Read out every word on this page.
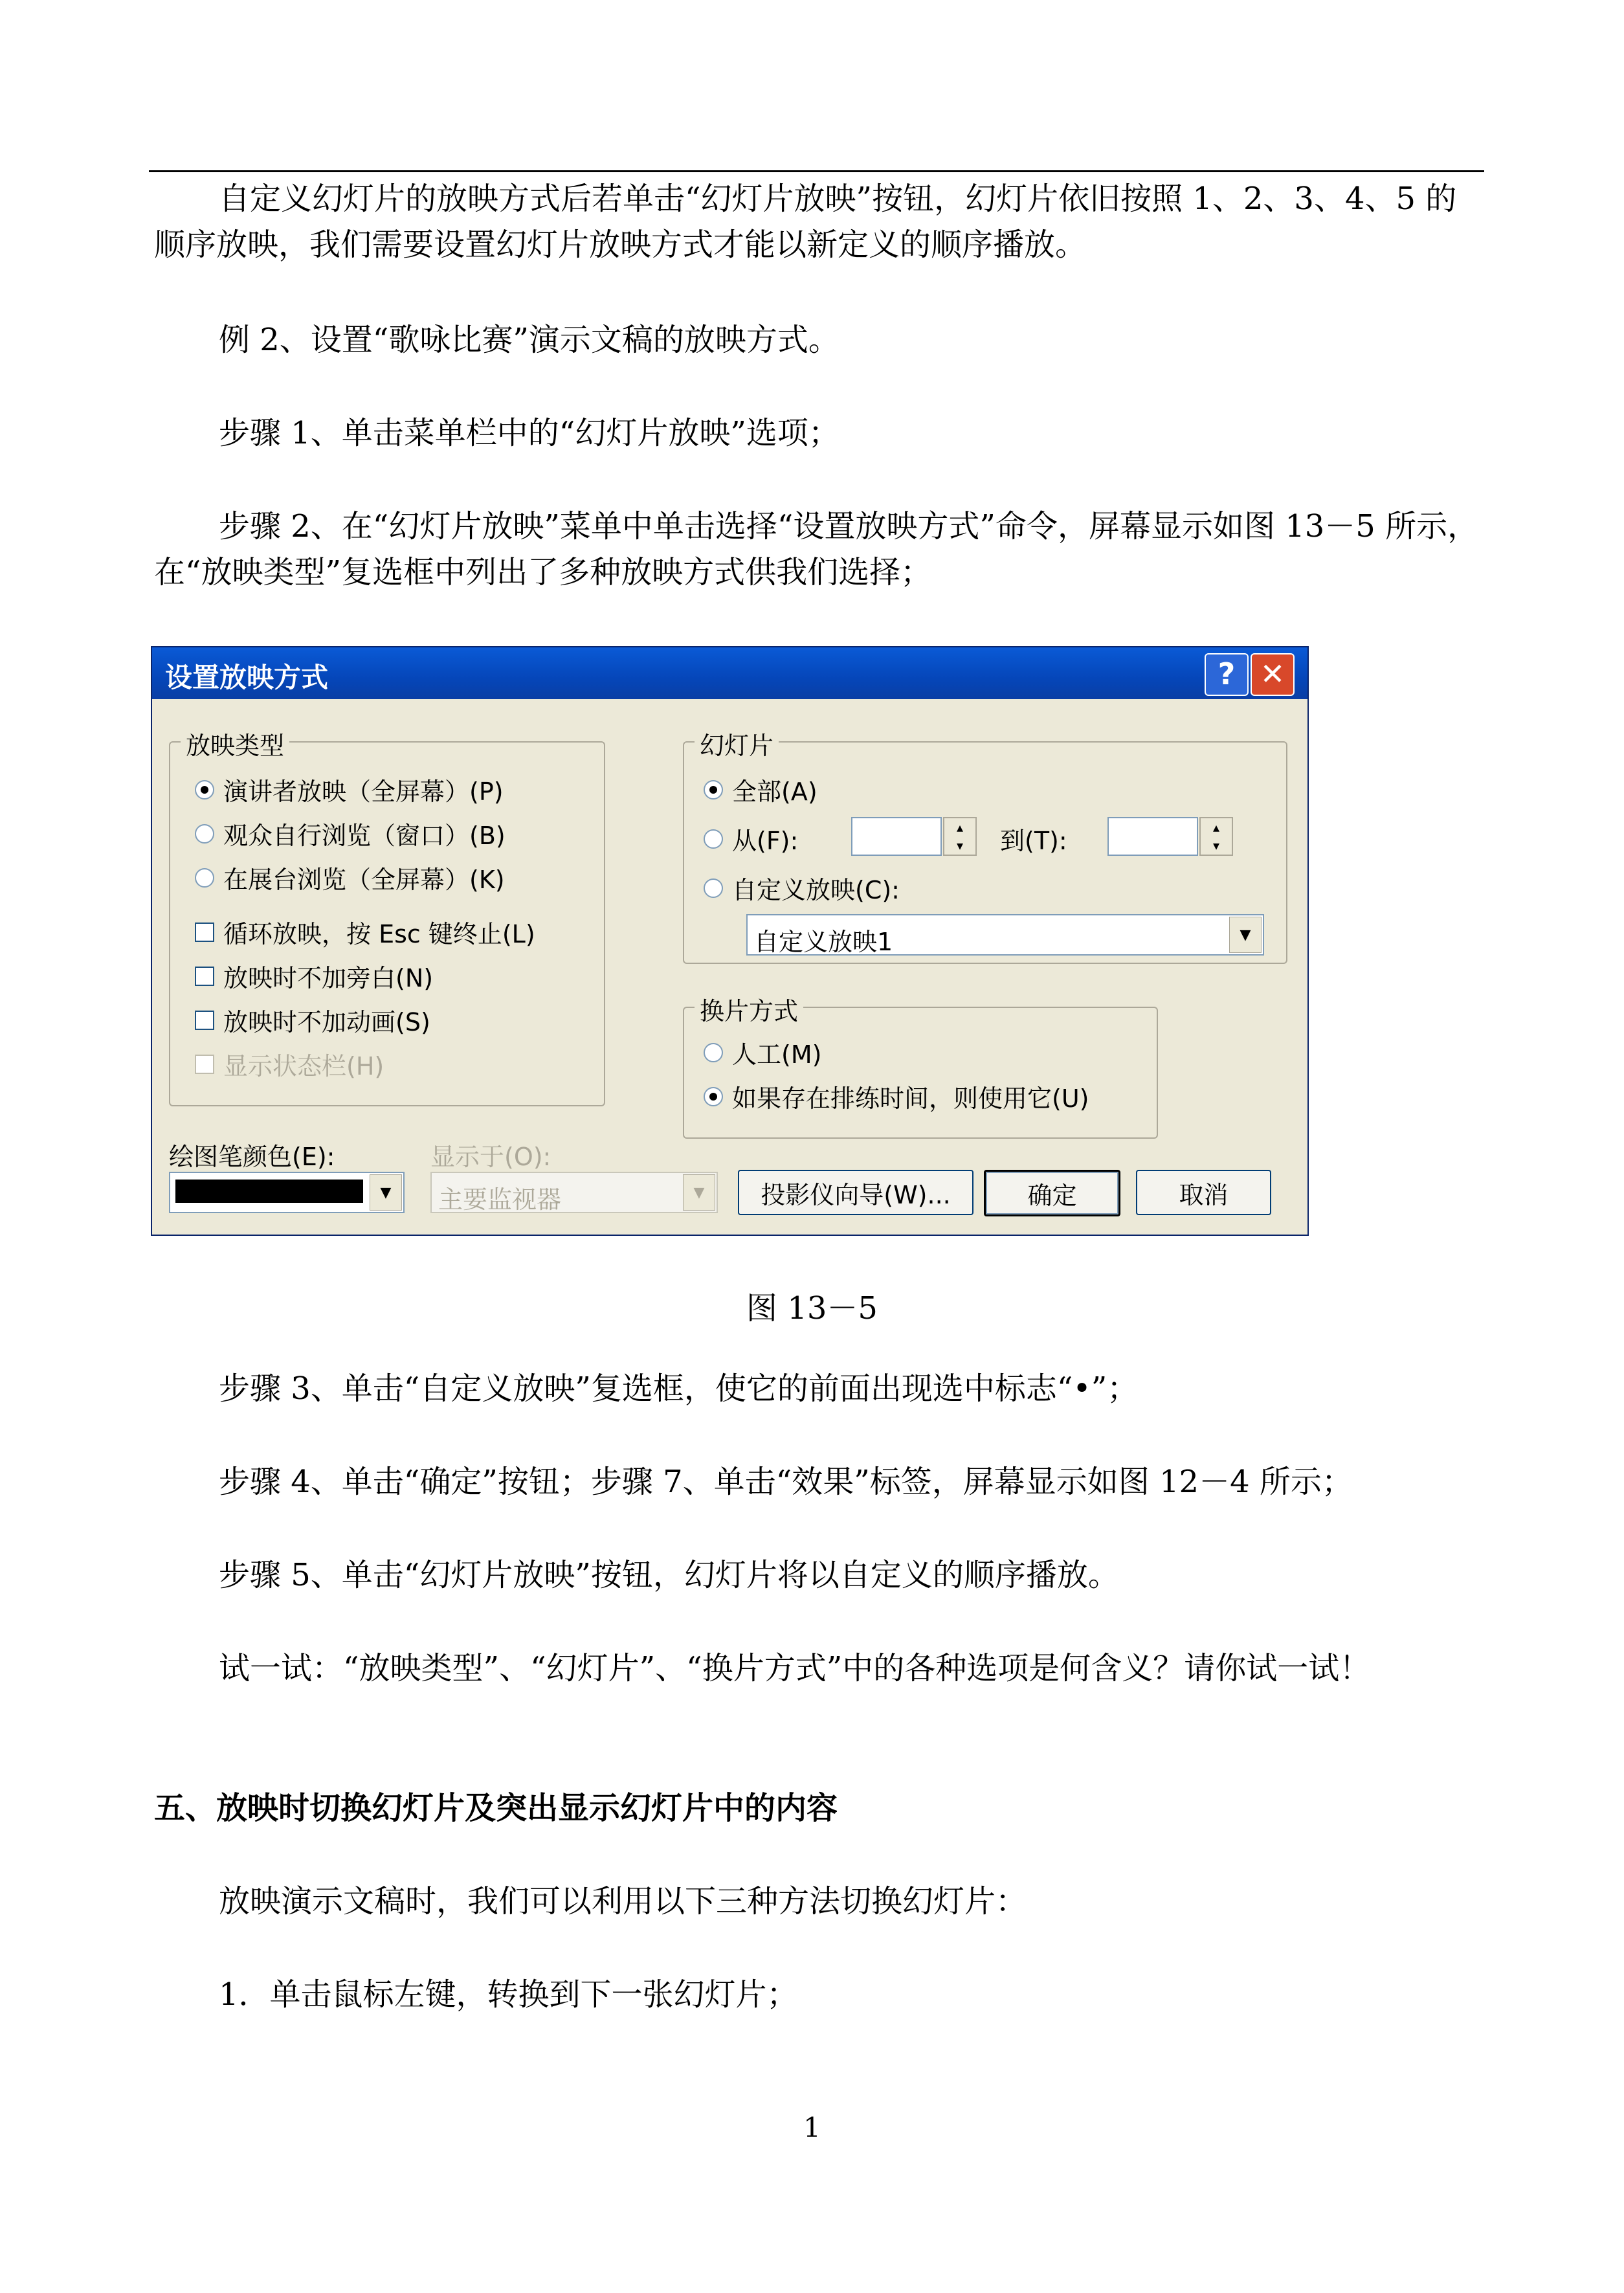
自定义幻灯片的放映方式后若单击“幻灯片放映”按钮，幻灯片依旧按照 1、2、3、4、5 的顺序放映，我们需要设置幻灯片放映方式才能以新定义的顺序播放。

例 2、设置“歌咏比赛”演示文稿的放映方式。

步骤 1、单击菜单栏中的“幻灯片放映”选项；

步骤 2、在“幻灯片放映”菜单中单击选择“设置放映方式”命令，屏幕显示如图 13－5 所示，在“放映类型”复选框中列出了多种放映方式供我们选择；

设置放映方式	? ✕
放映类型
演讲者放映（全屏幕）(P)
观众自行浏览（窗口）(B)
在展台浏览（全屏幕）(K)
循环放映，按 Esc 键终止(L)
放映时不加旁白(N)
放映时不加动画(S)
显示状态栏(H)
幻灯片
全部(A)
从(F):	▴
▾	到(T):	▴
▾
自定义放映(C):
自定义放映1	▼
换片方式
人工(M)
如果存在排练时间，则使用它(U)
绘图笔颜色(E):
▼
显示于(O):
主要监视器	▼	投影仪向导(W)...	确定	取消
图 13－5

步骤 3、单击“自定义放映”复选框，使它的前面出现选中标志“•”；

步骤 4、单击“确定”按钮；步骤 7、单击“效果”标签，屏幕显示如图 12－4 所示；

步骤 5、单击“幻灯片放映”按钮，幻灯片将以自定义的顺序播放。

试一试：“放映类型”、“幻灯片”、“换片方式”中的各种选项是何含义？请你试一试！

五、放映时切换幻灯片及突出显示幻灯片中的内容

放映演示文稿时，我们可以利用以下三种方法切换幻灯片：

1．单击鼠标左键，转换到下一张幻灯片；

1
